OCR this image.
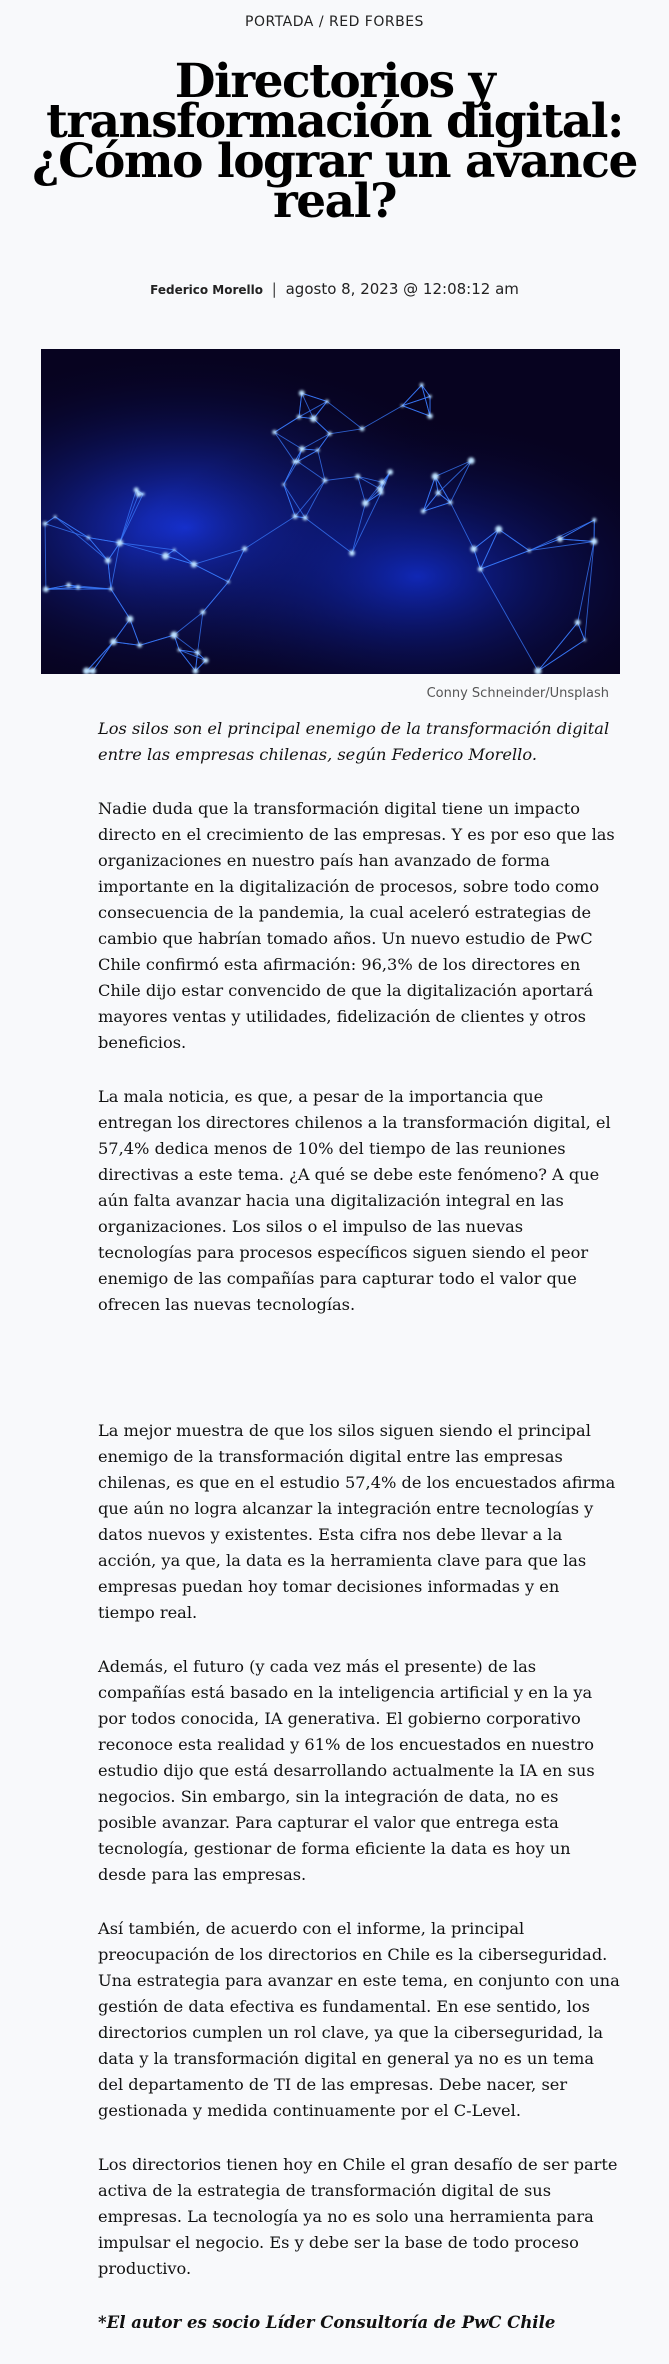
PORTADA / RED FORBES
Directorios y transformación digital: ¿Cómo lograr un avance real?
Federico Morello | agosto 8, 2023 @ 12:08:12 am
Conny Schneinder/Unsplash

Los silos son el principal enemigo de la transformación digital entre las empresas chilenas, según Federico Morello.

Nadie duda que la transformación digital tiene un impacto directo en el crecimiento de las empresas. Y es por eso que las organizaciones en nuestro país han avanzado de forma importante en la digitalización de procesos, sobre todo como consecuencia de la pandemia, la cual aceleró estrategias de cambio que habrían tomado años. Un nuevo estudio de PwC Chile confirmó esta afirmación: 96,3% de los directores en Chile dijo estar convencido de que la digitalización aportará mayores ventas y utilidades, fidelización de clientes y otros beneficios.

La mala noticia, es que, a pesar de la importancia que entregan los directores chilenos a la transformación digital, el 57,4% dedica menos de 10% del tiempo de las reuniones directivas a este tema. ¿A qué se debe este fenómeno? A que aún falta avanzar hacia una digitalización integral en las organizaciones. Los silos o el impulso de las nuevas tecnologías para procesos específicos siguen siendo el peor enemigo de las compañías para capturar todo el valor que ofrecen las nuevas tecnologías.

La mejor muestra de que los silos siguen siendo el principal enemigo de la transformación digital entre las empresas chilenas, es que en el estudio 57,4% de los encuestados afirma que aún no logra alcanzar la integración entre tecnologías y datos nuevos y existentes. Esta cifra nos debe llevar a la acción, ya que, la data es la herramienta clave para que las empresas puedan hoy tomar decisiones informadas y en tiempo real.

Además, el futuro (y cada vez más el presente) de las compañías está basado en la inteligencia artificial y en la ya por todos conocida, IA generativa. El gobierno corporativo reconoce esta realidad y 61% de los encuestados en nuestro estudio dijo que está desarrollando actualmente la IA en sus negocios. Sin embargo, sin la integración de data, no es posible avanzar. Para capturar el valor que entrega esta tecnología, gestionar de forma eficiente la data es hoy un desde para las empresas.

Así también, de acuerdo con el informe, la principal preocupación de los directorios en Chile es la ciberseguridad. Una estrategia para avanzar en este tema, en conjunto con una gestión de data efectiva es fundamental. En ese sentido, los directorios cumplen un rol clave, ya que la ciberseguridad, la data y la transformación digital en general ya no es un tema del departamento de TI de las empresas. Debe nacer, ser gestionada y medida continuamente por el C-Level.

Los directorios tienen hoy en Chile el gran desafío de ser parte activa de la estrategia de transformación digital de sus empresas. La tecnología ya no es solo una herramienta para impulsar el negocio. Es y debe ser la base de todo proceso productivo.

*El autor es socio Líder Consultoría de PwC Chile
